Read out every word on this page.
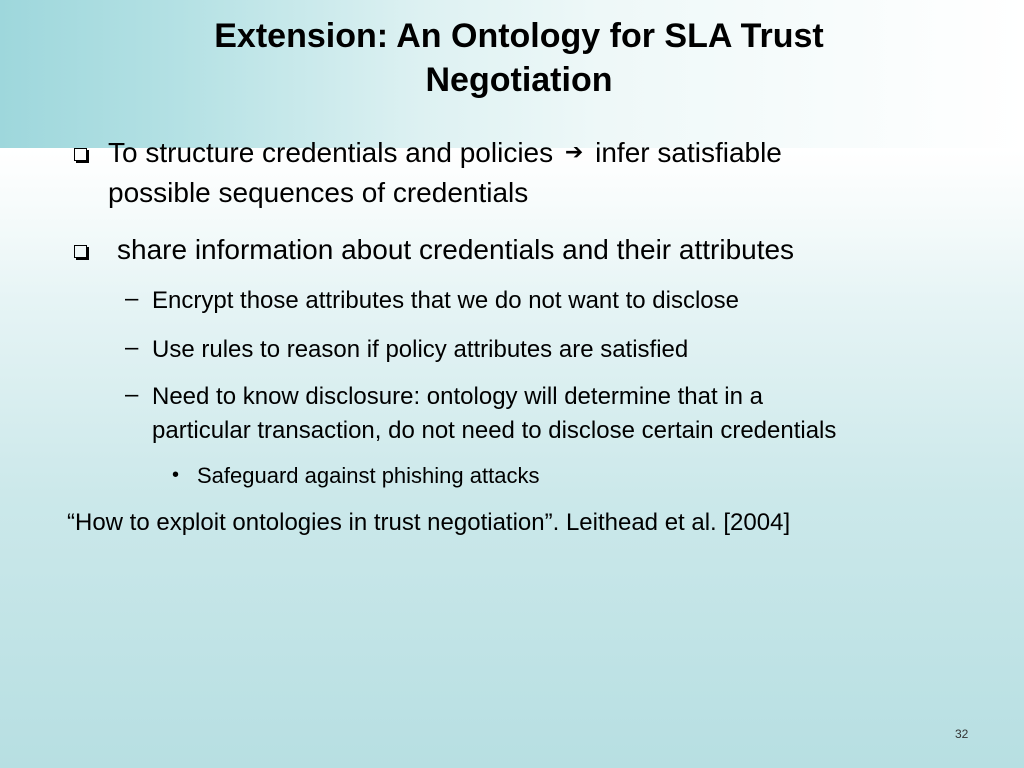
Extension: An Ontology for SLA Trust
Negotiation
To structure credentials and policies ➔ infer satisfiable
possible sequences of credentials
share information about credentials and their attributes
– Encrypt those attributes that we do not want to disclose
– Use rules to reason if policy attributes are satisfied
– Need to know disclosure: ontology will determine that in a
particular transaction, do not need to disclose certain credentials
• Safeguard against phishing attacks
“How to exploit ontologies in trust negotiation”. Leithead et al. [2004]
32
